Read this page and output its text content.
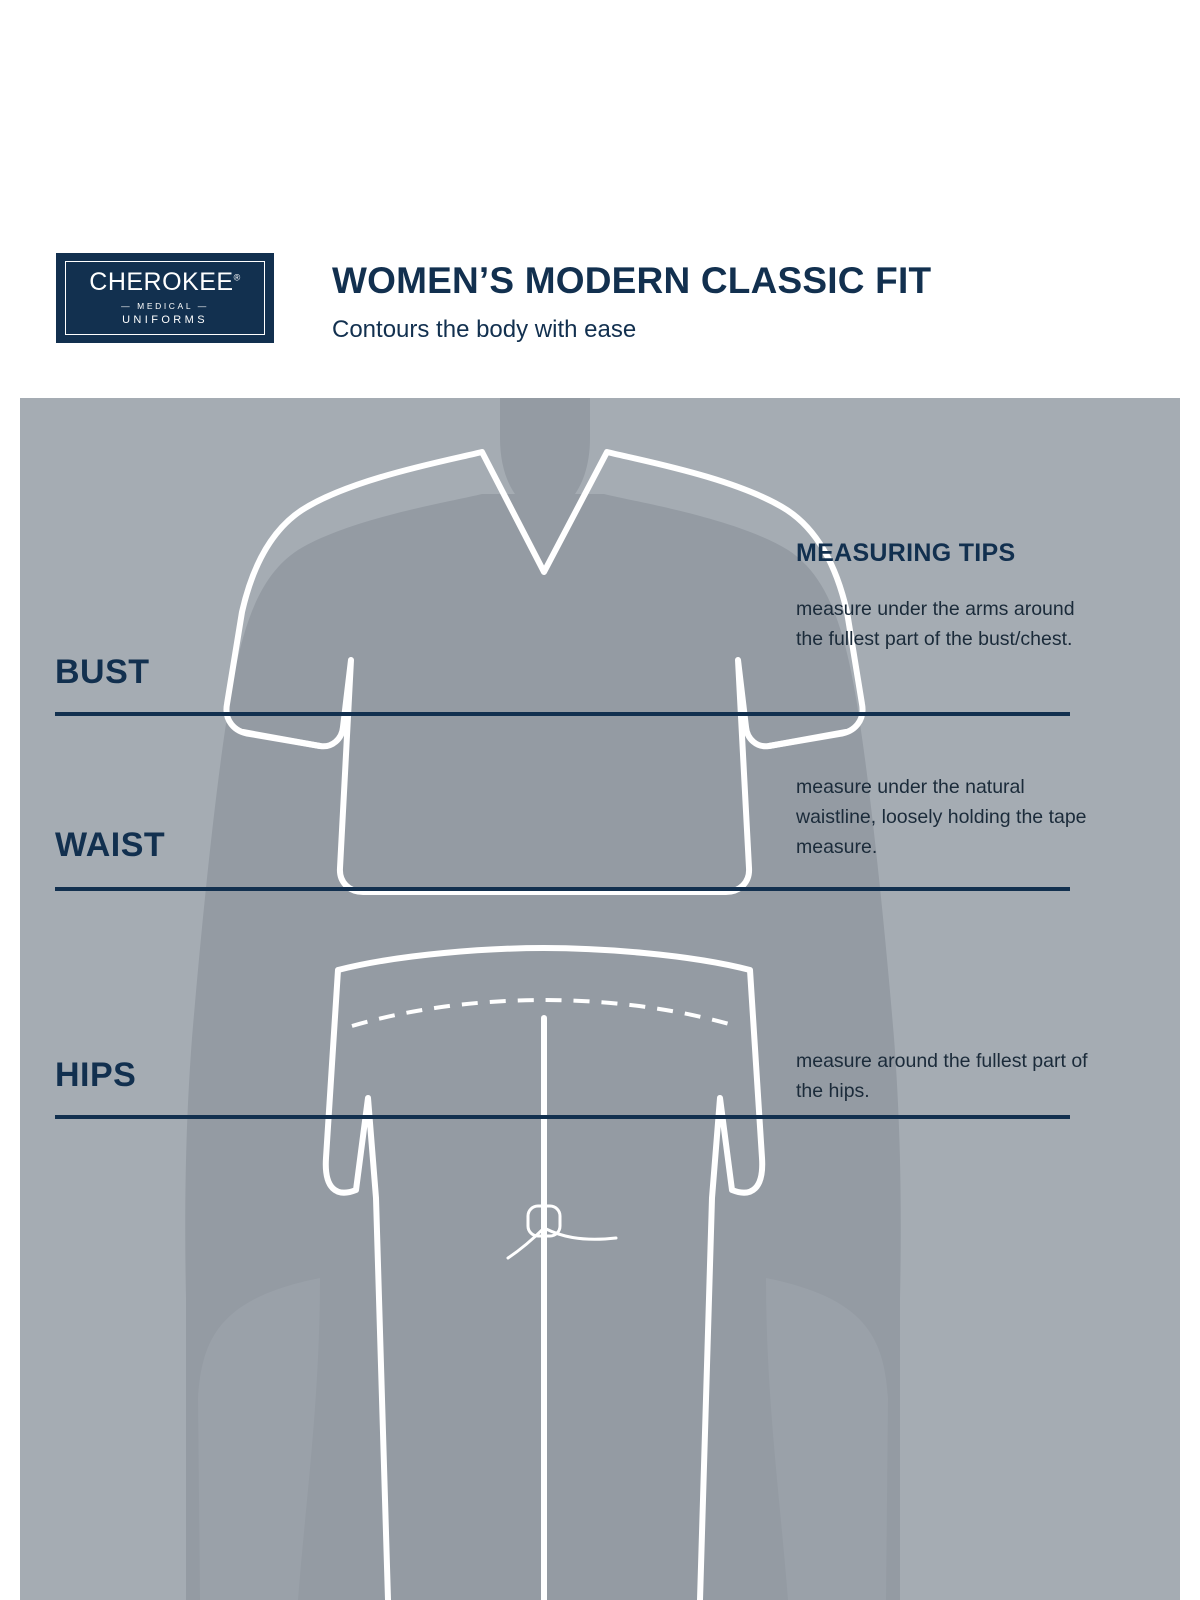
CHEROKEE®
— MEDICAL —
UNIFORMS
WOMEN’S MODERN CLASSIC FIT
Contours the body with ease
BUST
WAIST
HIPS
MEASURING TIPS
measure under the arms around the fullest part of the bust/chest.
measure under the natural waistline, loosely holding the tape measure.
measure around the fullest part of the hips.
